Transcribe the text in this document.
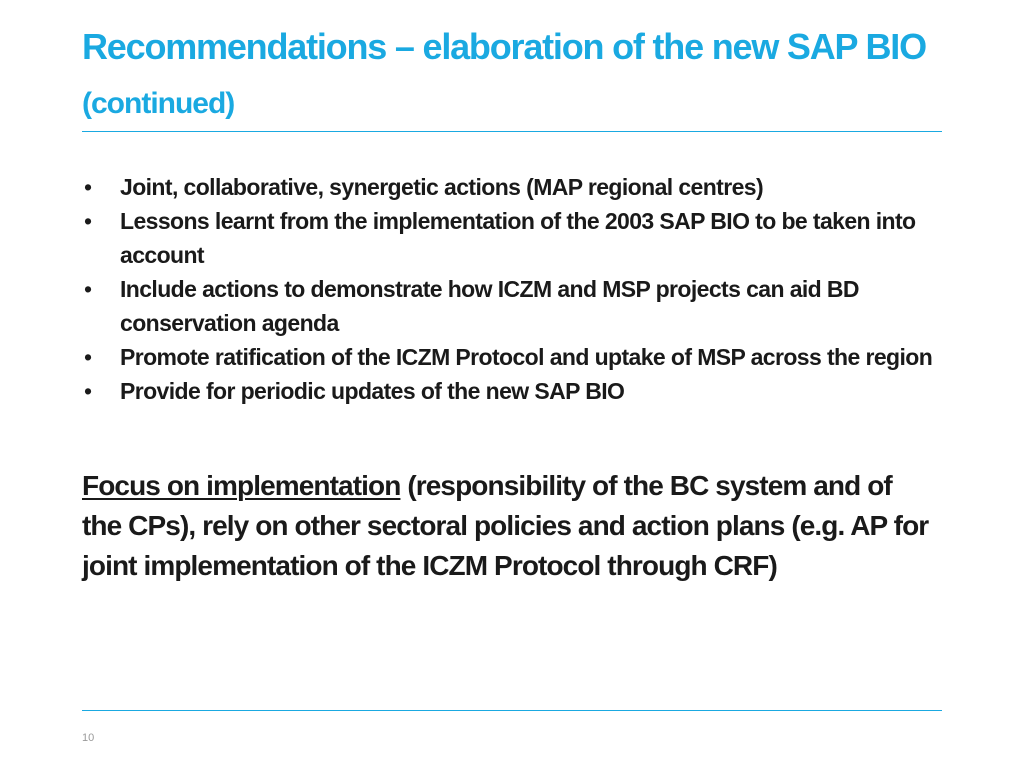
Recommendations – elaboration of the new SAP BIO (continued)
• Joint, collaborative, synergetic actions (MAP regional centres)
• Lessons learnt from the implementation of the 2003 SAP BIO to be taken into account
• Include actions to demonstrate how ICZM and MSP projects can aid BD conservation agenda
• Promote ratification of the ICZM Protocol and uptake of MSP across the region
• Provide for periodic updates of the new SAP BIO

Focus on implementation (responsibility of the BC system and of the CPs), rely on other sectoral policies and action plans (e.g. AP for joint implementation of the ICZM Protocol through CRF)

10
